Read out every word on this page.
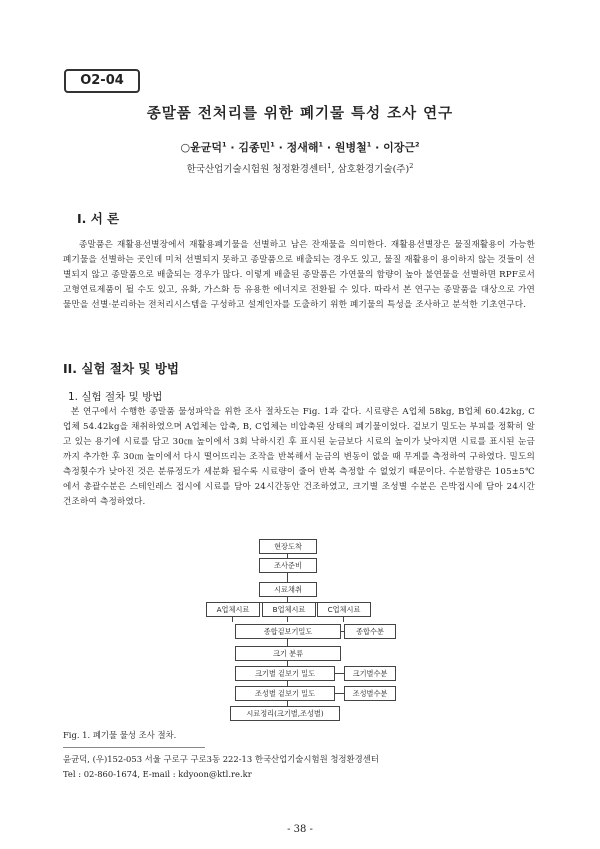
O2-04
종말품 전처리를 위한 폐기물 특성 조사 연구
○윤균덕$^1$ · 김종민$^1$ · 정새해$^1$ · 원병철$^1$ · 이장근$^2$
한국산업기술시험원 청정환경센터$^1$, 삼호환경기술(주)$^2$
I. 서 론
종말품은 재활용선별장에서 재활용폐기물을 선별하고 남은 잔재물을 의미한다. 재활용선별장은 물질재활용이 가능한 폐기물을 선별하는 곳인데 미처 선별되지 못하고 종말품으로 배출되는 경우도 있고, 물질 재활용이 용이하지 않는 것들이 선별되지 않고 종말품으로 배출되는 경우가 많다. 이렇게 배출된 종말품은 가연물의 함량이 높아 불연물을 선별하면 RPF로서 고형연료제품이 될 수도 있고, 유화, 가스화 등 유용한 에너지로 전환될 수 있다. 따라서 본 연구는 종말품을 대상으로 가연물만을 선별·분리하는 전처리시스템을 구성하고 설계인자를 도출하기 위한 폐기물의 특성을 조사하고 분석한 기초연구다.
II. 실험 절차 및 방법
1. 실험 절차 및 방법
본 연구에서 수행한 종말품 물성파악을 위한 조사 절차도는 Fig. 1과 같다. 시료량은 A업체 58kg, B업체 60.42kg, C업체 54.42kg을 채취하였으며 A업체는 압축, B, C업체는 비압축된 상태의 폐기물이었다. 겉보기 밀도는 부피를 정확히 알고 있는 용기에 시료를 담고 30㎝ 높이에서 3회 낙하시킨 후 표시된 눈금보다 시료의 높이가 낮아지면 시료를 표시된 눈금까지 추가한 후 30㎝ 높이에서 다시 떨어뜨리는 조작을 반복해서 눈금의 변동이 없을 때 무게를 측정하여 구하였다. 밀도의 측정횟수가 낮아진 것은 분류정도가 세분화 될수록 시료량이 줄어 반복 측정할 수 없었기 때문이다. 수분함량은 105±5℃에서 총괄수분은 스테인레스 접시에 시료를 담아 24시간동안 건조하였고, 크기별 조성별 수분은 은박접시에 담아 24시간 건조하여 측정하였다.
현장도착
조사준비
시료채취
A업체시료	B업체시료	C업체시료
종합겉보기밀도
크기 분류
크기별 겉보기 밀도
조성별 겉보기 밀도
시료정리(크기별,조성별)
종합수분
크기별수분
조성별수분
Fig. 1. 폐기물 물성 조사 절차.
윤균덕, (우)152-053 서울 구로구 구로3동 222-13 한국산업기술시험원 청정환경센터
Tel : 02-860-1674, E-mail : kdyoon@ktl.re.kr
- 38 -
